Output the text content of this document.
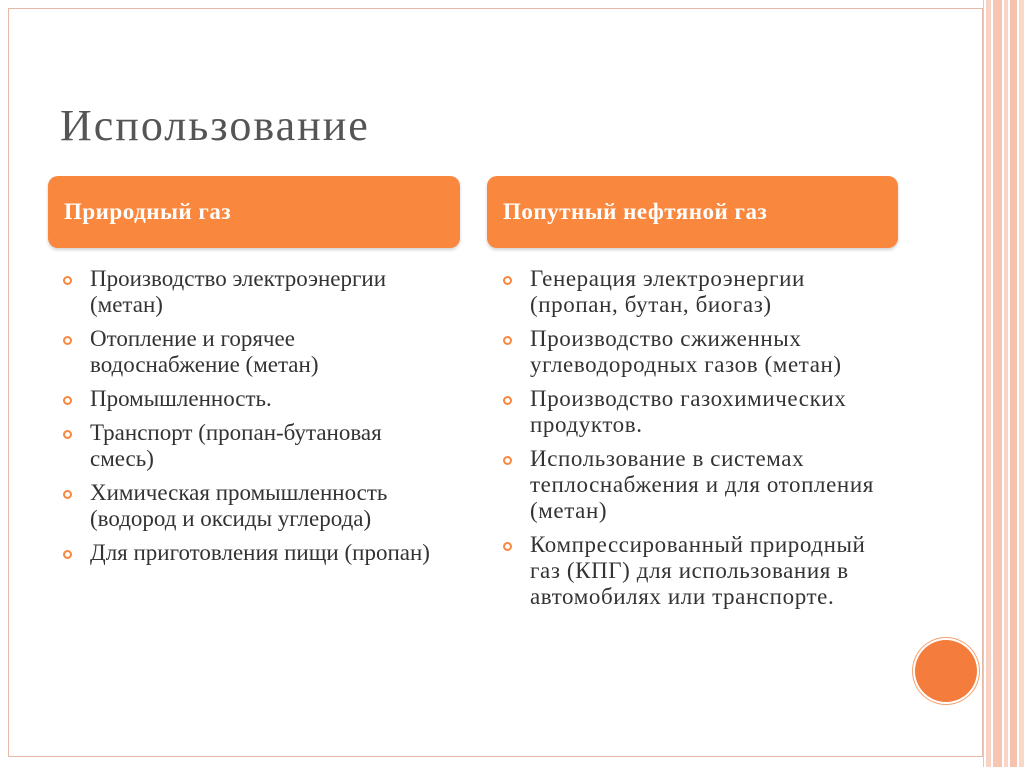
Использование
Природный газ	Попутный нефтяной газ
Производство электроэнергии (метан)
Отопление и горячее водоснабжение (метан)
Промышленность.
Транспорт (пропан-бутановая смесь)
Химическая промышленность (водород и оксиды углерода)
Для приготовления пищи (пропан)
Генерация электроэнергии (пропан, бутан, биогаз)
Производство сжиженных углеводородных газов (метан)
Производство газохимических продуктов.
Использование в системах теплоснабжения и для отопления (метан)
Компрессированный природный газ (КПГ) для использования в автомобилях или транспорте.
